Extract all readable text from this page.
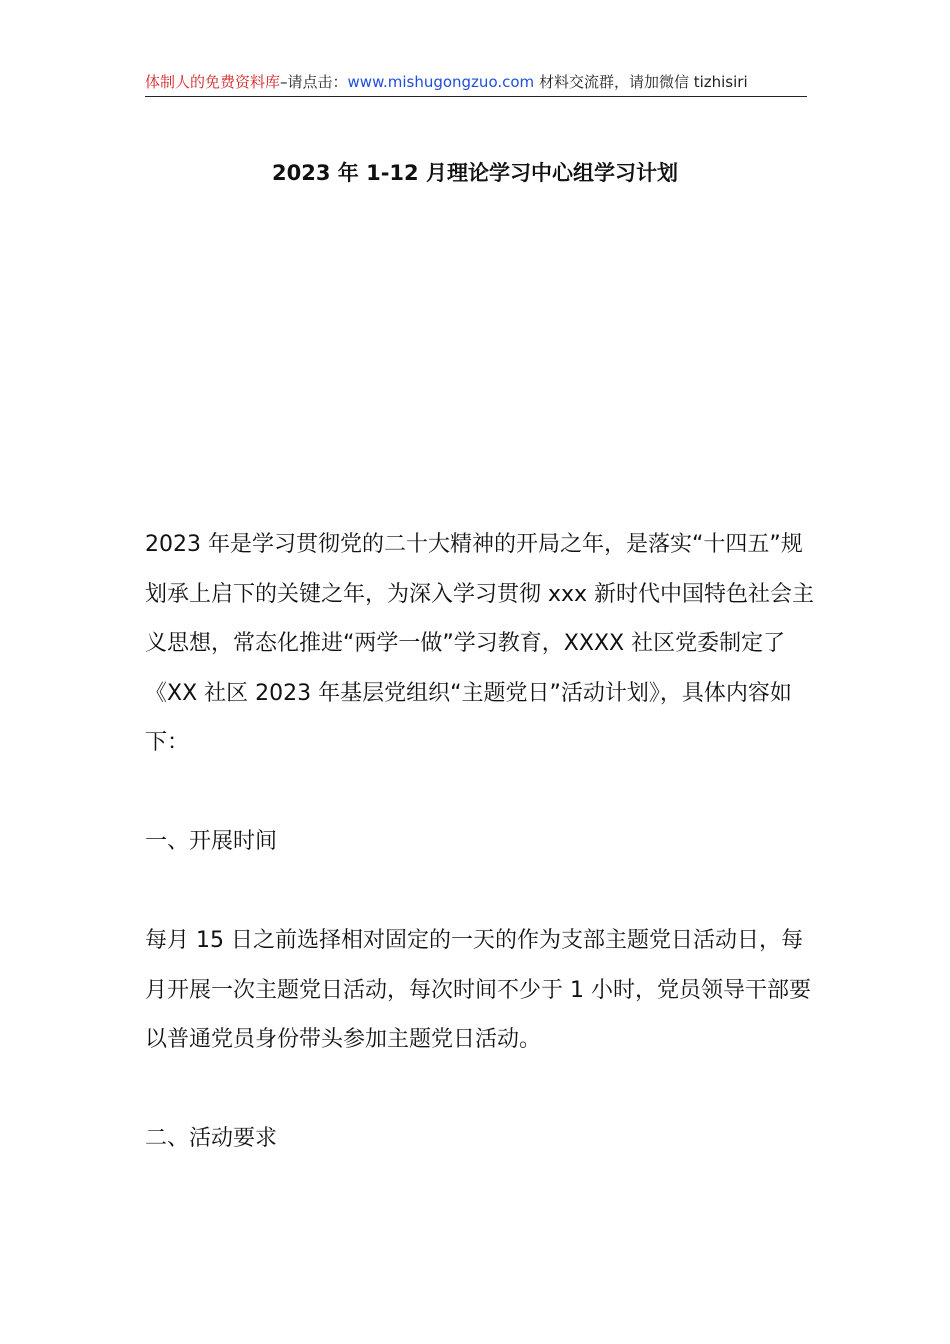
体制人的免费资料库–请点击：www.mishugongzuo.com 材料交流群，请加微信 tizhisiri
2023 年 1-12 月理论学习中心组学习计划

2023 年是学习贯彻党的二十大精神的开局之年，是落实“十四五”规划承上启下的关键之年，为深入学习贯彻 xxx 新时代中国特色社会主义思想，常态化推进“两学一做”学习教育，XXXX 社区党委制定了《XX 社区 2023 年基层党组织“主题党日”活动计划》，具体内容如下：

一、开展时间

每月 15 日之前选择相对固定的一天的作为支部主题党日活动日，每月开展一次主题党日活动，每次时间不少于 1 小时，党员领导干部要以普通党员身份带头参加主题党日活动。

二、活动要求
